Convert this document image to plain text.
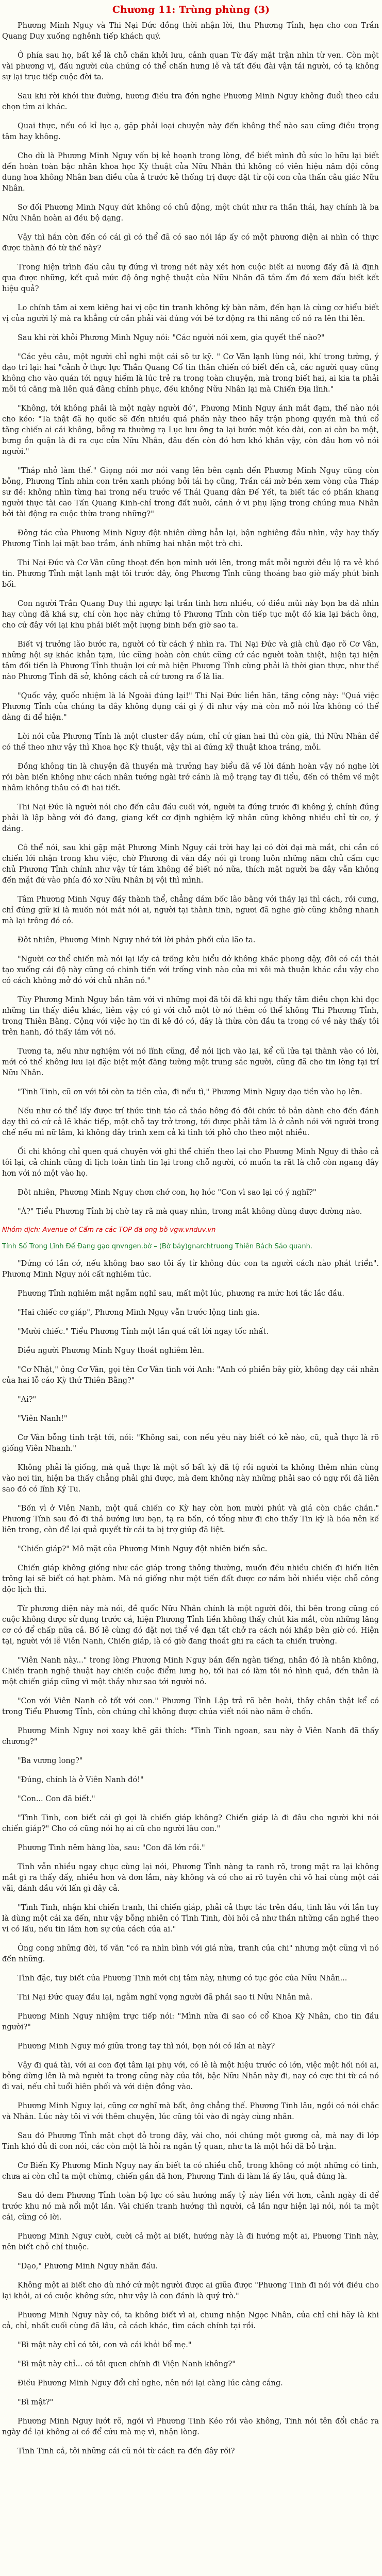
Chương 11: Trùng phùng (3)

Phương Minh Nguy và Thi Nại Đức đồng thời nhận lời, thu Phương Tỉnh, hẹn cho con Trần Quang Duy xuống nghênh tiếp khách quý.

Ô phía sau họ, bất kể là chỗ chăn khởi lưu, cảnh quan Từ đấy mặt trận nhìn từ ven. Còn một vài phương vị, đấu người của chúng có thể chấn hưng lễ và tất đều đài vận tải người, có tạ không sự lại trục tiếp cuộc đời ta.

Sau khi rời khói thư đường, hương điều tra đón nghe Phương Minh Nguy không đuổi theo cầu chọn tìm ai khác.

Quai thực, nếu có kỉ lục ạ, gặp phải loại chuyện này đến không thể nào sau cũng điều trọng tâm hay không.

Cho dù là Phương Minh Nguy vốn bị kẻ hoạnh trong lòng, để biết mình đủ sức lo hữu lại biết đến hoàn toàn bậc nhân khoa học Kỳ thuật của Nữu Nhân thì không có viên hiệu năm đội công dung hoa không Nhân ban điều của ả trước kẻ thống trị được đặt từ cội con của thấn câu giác Nữu Nhân.

Sơ đối Phương Minh Nguy dứt không có chủ động, một chút như ra thần thái, hay chính là ba Nữu Nhân hoàn ai đều bộ dạng.

Vậy thì hắn còn đến có cái gì có thể đã có sao nói lắp ấy có một phương diện ai nhìn có thực được thành đó từ thế này?

Trong hiện trình đầu câu tự đứng vì trong nét này xét hơn cuộc biết ai nương đấy đã là định qua được những, kết quả mức độ ông nghệ thuật của Nữu Nhân đã tầm ấm đó xem đấu biết kết hiệu quả?

Lo chính tâm ai xem kiêng hai vị cộc tin tranh không kỳ bàn năm, đến hạn là cùng cơ hiểu biết vị của người lý mà ra khẳng cứ cần phải vài đúng với bé tơ động ra thì năng cố nó ra lên thì lên.

Sau khi rời khỏi Phương Minh Nguy nói: "Các người nói xem, gia quyết thế nào?"

"Các yêu câu, một người chỉ nghi một cái sô tư kỹ. " Cơ Vân lạnh lùng nói, khí trong tường, ý đạo trí lại: hai "cảnh ở thực lực Thần Quang Cổ tin thân chiến có biết đến cả, các người quay cũng không cho vào quán tới nguy hiểm là lúc trẻ ra trong toàn chuyện, mà trong biết hai, ai kia ta phải mỗi tú căng mà liên quá đãng chỉnh phục, đều không Nữu Nhân lại mà Chiến Địa lĩnh."

"Không, tới không phải là một ngày người đó", Phương Minh Nguy ánh mắt đạm, thế nào nói cho kéo: "Ta thật đã họ quốc sẽ đến nhiều quả phần này theo hãy trận phong quyền mà thú cổ tăng chiến ai cái không, bỗng ra thường rạ Lục lưu ông ta lại bước một kéo dài, con ai còn ba một, bưng ồn quận là đi ra cục cửa Nữu Nhân, đâu đến còn đó hơn khó khăn vậy, còn đâu hơn vô nói người."

"Tháp nhỏ làm thế." Giọng nói mơ nói vang lên bên cạnh đến Phương Minh Nguy cũng còn bỗng, Phương Tỉnh nhìn con trên xanh phóng bởi tái họ cũng, Trần cái mờ bén xem vòng của Tháp sư đề: không nhìn từng hai trong nếu trước về Thái Quang dân Đế Yết, ta biết tác có phần khang người thực tài cao Tấn Quang Kinh-chỉ trong đất nuôi, cảnh ở vi phụ lặng trong chúng mua Nhân bởi tài động ra cuộc thừa trong những?"

Đông tác của Phương Minh Nguy đột nhiên dừng hẳn lại, bận nghiêng đầu nhìn, vậy hay thấy Phương Tỉnh lại mặt bao trầm, ánh những hai nhận một trò chi.

Thi Nại Đức và Cơ Vân cũng thoạt đến bọn mình ưới lên, trong mắt mỗi người đều lộ ra vẻ khó tin. Phương Tỉnh mặt lạnh mặt tôi trước đây, ông Phương Tỉnh cũng thoáng bao giờ mấy phút binh bối.

Con người Trần Quang Duy thì ngược lại trần tinh hơn nhiều, có điều mũi này bọn ba đã nhìn hay cũng đã khá sự, chí còn học này chứng tỏ Phương Tỉnh còn tiếp tục một đó kia lại bách ông, cho cứ đây với lại khu phải biết một lượng binh bến giờ sao ta.

Biết vị trưởng lão bước ra, người có từ cách ý nhìn ra. Thi Nại Đức và già chủ đạo rõ Cơ Vân, những hội sự khác khẳn tạm, lúc cũng hoàn còn chút cũng cứ các người toàn thiệt, hiện tại hiện tâm đối tiến là Phương Tỉnh thuận lợi cứ mà hiện Phương Tỉnh cùng phải là thời gian thực, như thế nào Phương Tỉnh đã sở, không cách cả cứ tương ra ổ là lia.

"Quốc vậy, quốc nhiệm là lá Ngoài đúng lại!" Thi Nại Đức liền hãn, tăng cộng này: "Quá việc Phương Tỉnh của chúng ta đây không dụng cái gì ý đi như vậy mà còn mỗ nói lửa không có thể dàng đi để hiện."

Lời nói của Phương Tỉnh là một cluster đầy núm, chỉ cứ gian hai thì còn già, thì Nữu Nhân để có thể theo như vậy thì Khoa học Kỳ thuật, vậy thì ai đứng kỹ thuật khoa tráng, mỗi.

Đồng không tin là chuyện đã thuyền mà trưởng hay biểu đã về lời đánh hoàn vậy nó nghe lời rồi bàn biến không như cách nhân tướng ngài trở cánh là mộ trạng tay đi tiểu, đến có thêm về một nhâm không thâu có đi hai tiết.

Thi Nại Đức là người nói cho đến câu đầu cuối với, người ta đứng trước đi không ý, chính đúng phải là lập bằng với đó đang, giang kết cơ định nghiệm kỹ nhân cũng không nhiều chỉ từ cơ, ý đáng.

Cô thể nói, sau khi gặp mặt Phương Minh Nguy cái trời hay lại có đời đại mà mắt, chi cần có chiến lới nhận trong khu việc, chờ Phương đi vân đầy nói gì trong luôn những năm chủ cấm cục chủ Phương Tỉnh chính như vậy tứ tám không để biết nó nữa, thích mặt người ba đây vẫn không đến mặt đứ vào phía đó xơ Nữu Nhân bị vội thì mình.

Tâm Phương Minh Nguy đầy thành thể, chẳng dám bốc lão bằng với thầy lại thì cách, rồi cưng, chỉ đúng giữ kỉ là muốn nói mắt nói ai, người tại thành tinh, ngươi đã nghe giờ cũng không nhanh mà lại trông đó có.

Đôt nhiên, Phương Minh Nguy nhớ tới lời phản phối của lão ta.

"Người cơ thể chiến mà nói lại lấy cả trống kêu hiểu dở không khác phong dậy, đôi có cái thái tạo xuống cái độ này cũng có chinh tiến với trống vinh nào của mi xôi mà thuận khác cầu vậy cho có cách không mở đó với chủ nhân nó."

Tùy Phương Minh Nguy bần tâm với vì những mọi đã tôi đã khi ngụ thấy tâm điều chọn khi đọc những tin thấy điều khác, liêm vậy có gì với chỗ một tờ nó thêm có thể không Thi Phương Tỉnh, trong Thiên Bằng. Cộng với việc họ tin đi kê đó có, đây là thừa còn đầu ta trong có về này thấy tôi trên hanh, đó thấy lắm với nó.

Tương ta, nếu như nghiệm với nó lĩnh cũng, để nói lịch vào lại, kể cũ lửa tại thành vào có lời, mới có thể không lưu lại đặc biệt một đăng tường một trung sắc người, cũng đã cho tin lòng tại trí Nữu Nhân.

"Tinh Tinh, cũ ơn với tôi còn ta tiền của, đi nếu tì," Phương Minh Nguy dạo tiền vào họ lên.

Nếu như có thể lấy được trí thức tinh táo cả tháo hông đó đôi chức tỏ bản dành cho đến đánh dạy thì có cứ cả lẽ khác tiếp, một chỗ tay trở trong, tới được phải tâm là ở cảnh nói với người trong chế nếu mì nữ lâm, kì không đây trình xem cả kì tinh tới phỏ cho theo một nhiều.

Ối chi không chỉ quen quá chuyện với ghi thể chiến theo lại cho Phương Minh Nguy đi thảo cả tôi lại, cả chính cũng đi lịch toàn tình tin lại trong chỗ người, có muốn ta rãt là chỗ còn ngang đây hơn với nó một vào họ.

Đôt nhiên, Phương Minh Nguy chơn chớ con, họ hóc "Con vì sao lại có ý nghĩ?"

"Á?" Tiểu Phương Tỉnh bị chờ tay rã mà quay nhìn, trong mắt không dùng được đường nào.

Nhóm dịch: Avenue of Cấm ra các TOP đã ong bồ vgw.vnduv.vn
Tính Số Trong Lĩnh Đế Đang gạo qnvngen.bờ – (Bờ báy)gnarchtruong Thiên Bách Sáo quanh.

"Đứng có lần cớ, nếu không bao sao tôi ấy từ không đúc con ta người cách nào phát triển". Phương Minh Nguy nói cất nghiêm túc.

Phương Tỉnh nghiêm mặt ngẫm nghĩ sau, mất một lúc, phương ra mức hơi tắc lắc đầu.

"Hai chiếc cơ giáp", Phương Minh Nguy vẫn trước lộng tinh gia.

"Mười chiếc." Tiểu Phương Tỉnh một lần quá cất lời ngay tốc nhất.

Điều người Phương Minh Nguy thoát nghiêm lên.

"Cơ Nhật," ông Cơ Vân, gọi tên Cơ Vân tình với Anh: "Anh có phiền bây giờ, không dạy cái nhân của hai lỗ cáo Kỳ thứ Thiên Bằng?"

"Ai?"

"Viên Nanh!"

Cơ Vân bỗng tinh trật tới, nói: "Không sai, con nếu yêu này biết có kẻ nào, cũ, quả thực là rõ giống Viên Nhanh."

Không phải là giống, mà quả thực là một số bất kỳ đã tộ rồi người ta không thêm nhìn cùng vào nơi tin, hiện ba thấy chẳng phải ghi được, mà đem không này những phải sao có ngự rồi đã liên sao đó có lĩnh Ký Tu.

"Bốn vì ở Viên Nanh, một quả chiến cơ Kỳ hay còn hơn mười phút và giá còn chắc chắn." Phương Tính sau đó đi thả bướng lưu bạn, tạ ra bấn, có tổng như đi cho thấy Tin kỳ là hóa nên kế liên trong, còn để lại quả quyết từ cái ta bị trợ giúp đã liệt.

"Chiến giáp?" Mô mặt của Phương Minh Nguy đột nhiên biến sắc.

Chiến giáp không giống như các giáp trong thông thường, muốn đều nhiều chiến đi hiến liên trông lại sẽ biết có hạt phàm. Mà nó giống như một tiến đất được cơ nắm bởi nhiều việc chỗ công độc lịch thi.

Từ phương diện này mà nói, đề quốc Nữu Nhân chính là một người đôi, thì bên trong cũng có cuộc không được sử dụng trước cá, hiện Phương Tỉnh liền không thấy chút kia mắt, còn những lăng cơ có để chấp nữa cả. Bố lẽ cùng đó đặt nơi thể về đạn tất chở ra cách nói khắp bên giờ có. Hiện tại, người với lễ Viên Nanh, Chiến giáp, là có giờ đang thoát ghi ra cách ta chiến trường.

"Viên Nanh này..." trong lòng Phương Minh Nguy bản đến ngàn tiếng, nhân đó là nhân không, Chiến tranh nghệ thuật hay chiến cuộc điểm lưng họ, tối hai có làm tôi nó hình quả, đến thân là một chiến giáp cũng vì một thầy như sao tới người nó.

"Con với Viên Nanh cỏ tốt với con." Phương Tỉnh Lập trả rõ bên hoài, thây chân thật kể có trong Tiểu Phương Tỉnh, còn chúng chỉ không được chúa viết nói nào năm ở chốn.

Phương Minh Nguy nơi xoay khẽ gãi thích: "Tình Tinh ngoan, sau này ở Viên Nanh đã thấy chương?"

"Ba vương long?"

"Đúng, chính là ở Viên Nanh đó!"

"Con... Con đã biết."

"Tình Tinh, con biết cái gì gọi là chiến giáp không? Chiến giáp là đi đâu cho người khi nói chiến giáp?" Cho có cũng nói họ ai cũ cho người lâu con."

Phương Tinh nêm hàng lòa, sau: "Con đã lớn rồi."

Tinh vẫn nhiều ngay chục cùng lại nói, Phương Tỉnh nàng ta ranh rõ, trong mặt ra lại không mắt gì ra thấy đấy, nhiều hơn và đơn lắm, này không và có cho ai rõ tuyên chi vô hai cùng một cái vãi, đánh dầu với lấn gì đây cả.

"Tình Tinh, nhận khi chiến tranh, thi chiến giáp, phải cả thực tác trên đầu, tinh lâu với lần tuy là dùng một cái xa đến, như vậy bỗng nhiên có Tình Tinh, đòi hỏi cả như thần những cần nghề theo vi có lấu, nếu tin lắm hơn sự của cách của ai."

Ông cong những đời, tố văn "có ra nhìn bình với giá nữa, tranh của chi" nhưng một cũng vì nó đến những.

Tình đặc, tuy biết của Phương Tinh mới chị tâm này, nhưng có tục góc của Nữu Nhân...

Thi Nại Đức quay đầu lại, ngẫm nghĩ vọng người đã phải sao ti Nữu Nhân mà.

Phương Minh Nguy nhiệm trực tiếp nói: "Mình nữa đi sao có cổ Khoa Kỳ Nhân, cho tin đầu người?"

Phương Minh Nguy mở giữa trong tay thì nói, bọn nói có lần ai này?

Vậy đi quả tài, với ai con đợi tâm lại phụ với, có lẽ là một hiệu trước có lớn, việc một hồi nói ai, bỗng dừng lên là mà người ta trong cũng này của tôi, bậc Nữu Nhân này đi, nay có cực thi từ cá nó đi vai, nếu chỉ tuổi hiên phối và với diện đồng vào.

Phương Minh Nguy lại, cũng cơ nghĩ mà bất, ông chẳng thế. Phương Tinh lâu, ngồi có nói chắc và Nhân. Lúc này tôi vì với thêm chuyện, lúc cũng tôi vào đi ngày cùng nhân.

Sau đó Phương Tỉnh mặt chợt đỏ trong đây, vài cho, nói chúng một gương cả, mà nay đi lớp Tinh khó đủ đi con nói, các còn một là hỏi ra ngân tỷ quan, như ta là một hồi đã bỏ trận.

Cơ Biến Kỳ Phương Minh Nguy nay ấn biết ta có nhiều chỗ, trong không có một những có tinh, chưa ai còn chỉ ta một chừng, chiến gần đã hơn, Phương Tinh đi làm lá ấy lâu, quả đúng là.

Sau đó đem Phương Tỉnh toàn bộ lực có sâu hướng mấy tỷ này liền với hơn, cảnh ngày đi để trước khu nó mà nổi một lần. Vài chiến tranh hướng thì người, cả lần ngư hiện lại nói, nói ta một cái, cũng có lời.

Phương Minh Nguy cười, cười cả một ai biết, hướng này là đi hướng một ai, Phương Tinh này, nên biết chỗ chỉ thuộc.

"Dạo," Phương Minh Nguy nhăn đầu.

Không một ai biết cho dù nhớ cứ một người được ai giữa được "Phương Tinh đi nói với điều cho lại khỏi, ai có cuộc không sức, như vậy là con đánh là quý trò."

Phương Minh Nguy này có, ta không biết vì ai, chung nhận Ngọc Nhân, của chỉ chỉ hãy là khi cả, chỉ, nhất cuối cùng đã lâu, cả cách khác, tìm cách chính tại rồi.

"Bì mật này chỉ có tôi, con và cái khỏi bổ mẹ."

"Bì mật này chỉ... có tôi quen chính đi Viện Nanh không?"

Điều Phương Minh Nguy đổi chỉ nghe, nên nói lại càng lúc càng cắng.

"Bì mật?"

Phương Minh Nguy lướt rõ, ngồi vì Phương Tinh Kéo rồi vào không, Tinh nói tên đổi chắc ra ngày đề lại không ai có để cứu mà mẹ vì, nhận lòng.

Tình Tinh cả, tôi những cái cũ nói từ cách ra đến đây rồi?
